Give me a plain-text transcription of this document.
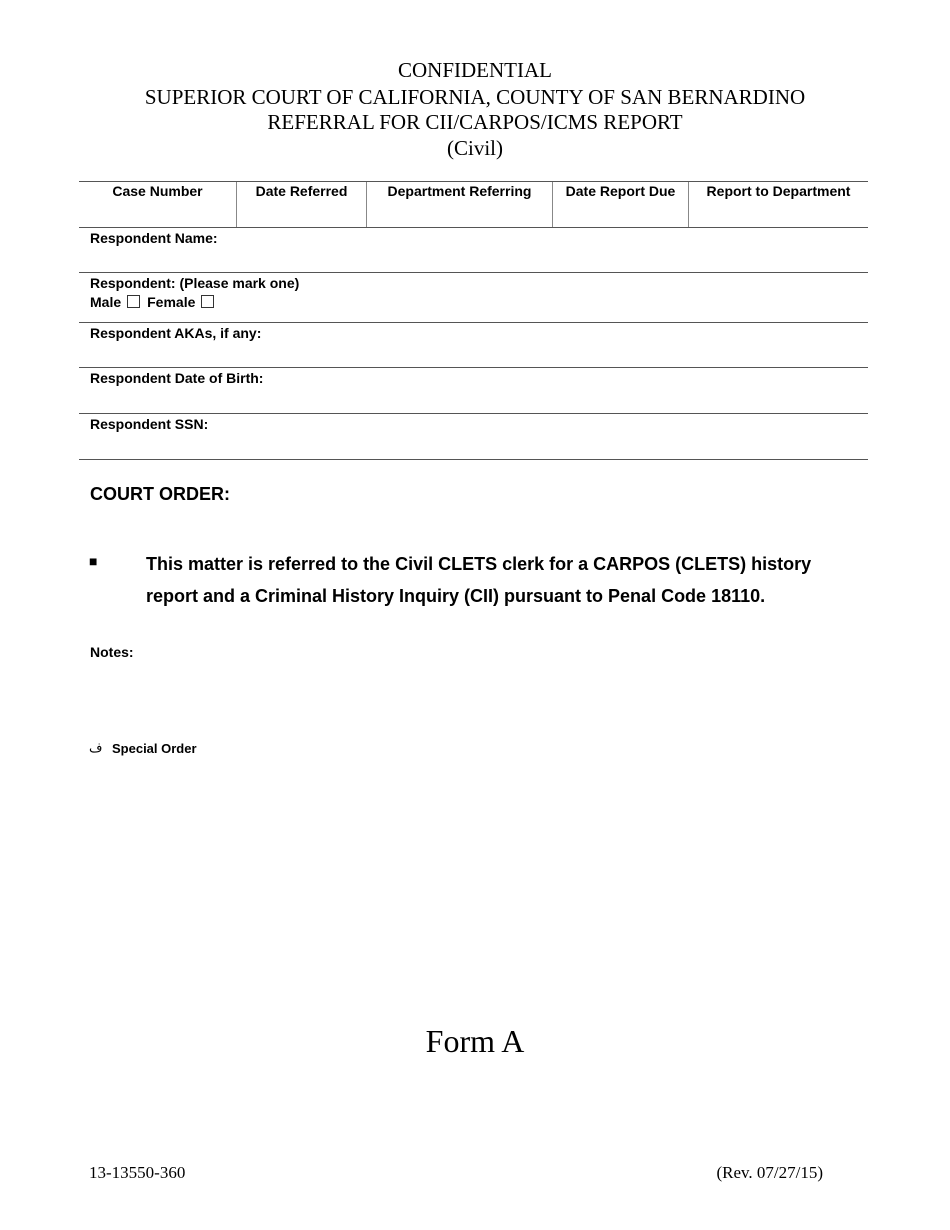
CONFIDENTIAL
SUPERIOR COURT OF CALIFORNIA, COUNTY OF SAN BERNARDINO
REFERRAL FOR CII/CARPOS/ICMS REPORT
(Civil)
Case Number	Date Referred	Department Referring	Date Report Due	Report to Department
Respondent Name:
Respondent: (Please mark one)
Male Female
Respondent AKAs, if any:
Respondent Date of Birth:
Respondent SSN:
COURT ORDER:
■	This matter is referred to the Civil CLETS clerk for a CARPOS (CLETS) history
report and a Criminal History Inquiry (CII) pursuant to Penal Code 18110.
Notes:
ف Special Order
Form A
13-13550-360	(Rev. 07/27/15)
